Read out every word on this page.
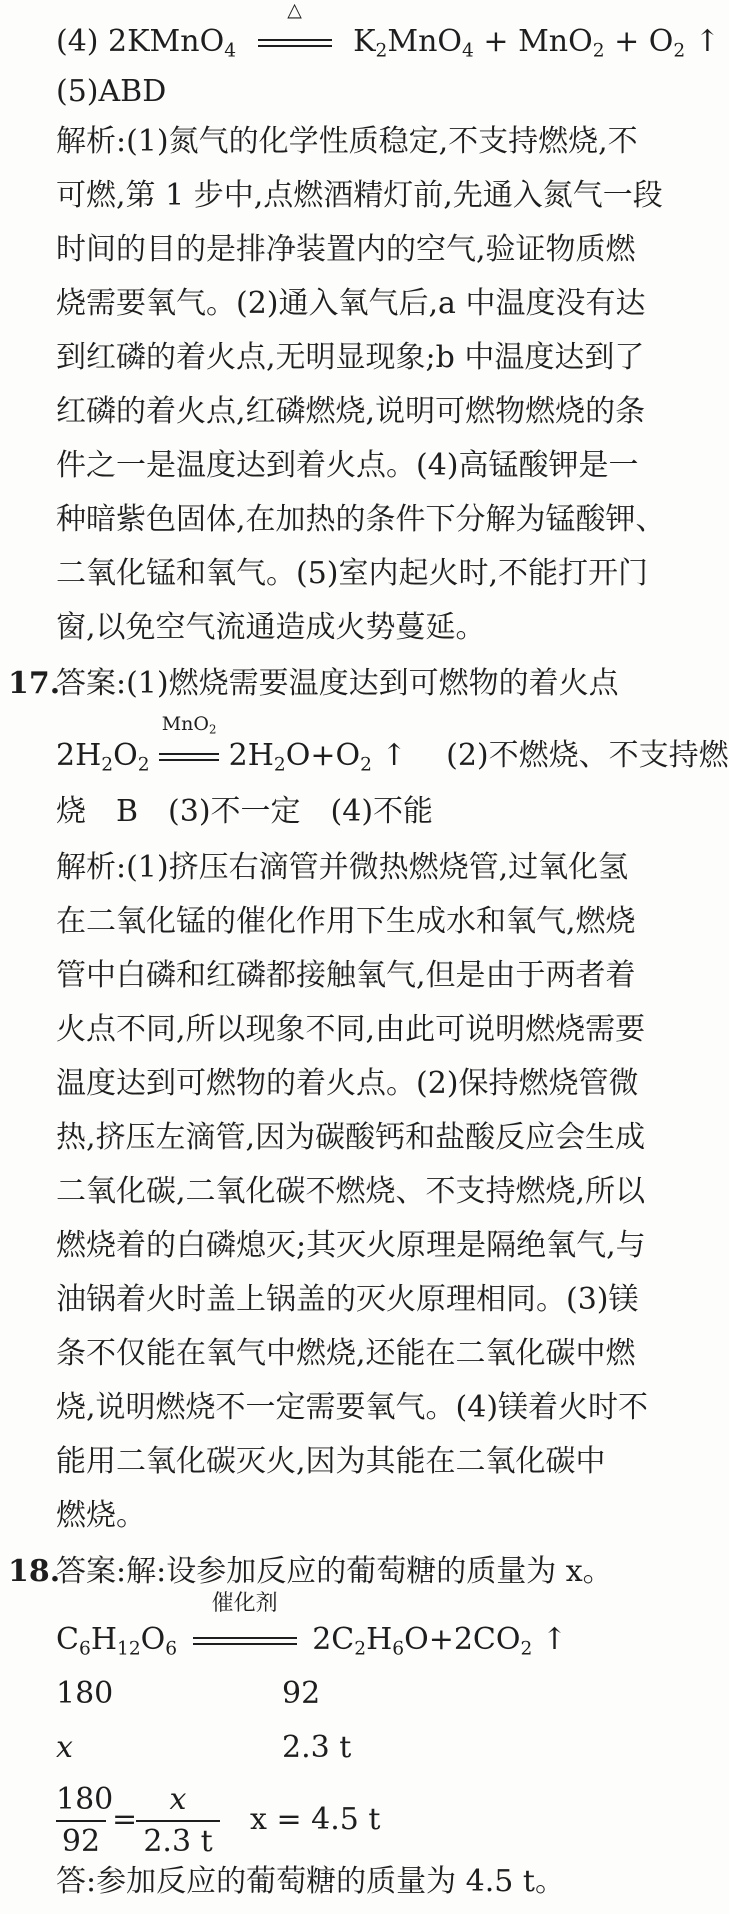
(4) 2KMnO$_4$
△
$K_2MnO_4 + MnO_2 + O_2$ ↑
(5)ABD
解析:(1)氮气的化学性质稳定,不支持燃烧,不
可燃,第 1 步中,点燃酒精灯前,先通入氮气一段
时间的目的是排净装置内的空气,验证物质燃
烧需要氧气。(2)通入氧气后,a 中温度没有达
到红磷的着火点,无明显现象;b 中温度达到了
红磷的着火点,红磷燃烧,说明可燃物燃烧的条
件之一是温度达到着火点。(4)高锰酸钾是一
种暗紫色固体,在加热的条件下分解为锰酸钾、
二氧化锰和氧气。(5)室内起火时,不能打开门
窗,以免空气流通造成火势蔓延。
17.
答案:(1)燃烧需要温度达到可燃物的着火点
$2H_2O_2$
MnO$_2$
$2H_2O+O_2$ ↑ (2)不燃烧、不支持燃
烧　B　(3)不一定　(4)不能
解析:(1)挤压右滴管并微热燃烧管,过氧化氢
在二氧化锰的催化作用下生成水和氧气,燃烧
管中白磷和红磷都接触氧气,但是由于两者着
火点不同,所以现象不同,由此可说明燃烧需要
温度达到可燃物的着火点。(2)保持燃烧管微
热,挤压左滴管,因为碳酸钙和盐酸反应会生成
二氧化碳,二氧化碳不燃烧、不支持燃烧,所以
燃烧着的白磷熄灭;其灭火原理是隔绝氧气,与
油锅着火时盖上锅盖的灭火原理相同。(3)镁
条不仅能在氧气中燃烧,还能在二氧化碳中燃
烧,说明燃烧不一定需要氧气。(4)镁着火时不
能用二氧化碳灭火,因为其能在二氧化碳中
燃烧。
18.
答案:解:设参加反应的葡萄糖的质量为 x。
$C_6H_{12}O_6$
催化剂
$2C_2H_6O+2CO_2$ ↑
180	92
x	2.3 t
180
92
=
x
2.3 t
x = 4.5 t
答:参加反应的葡萄糖的质量为 4.5 t。
